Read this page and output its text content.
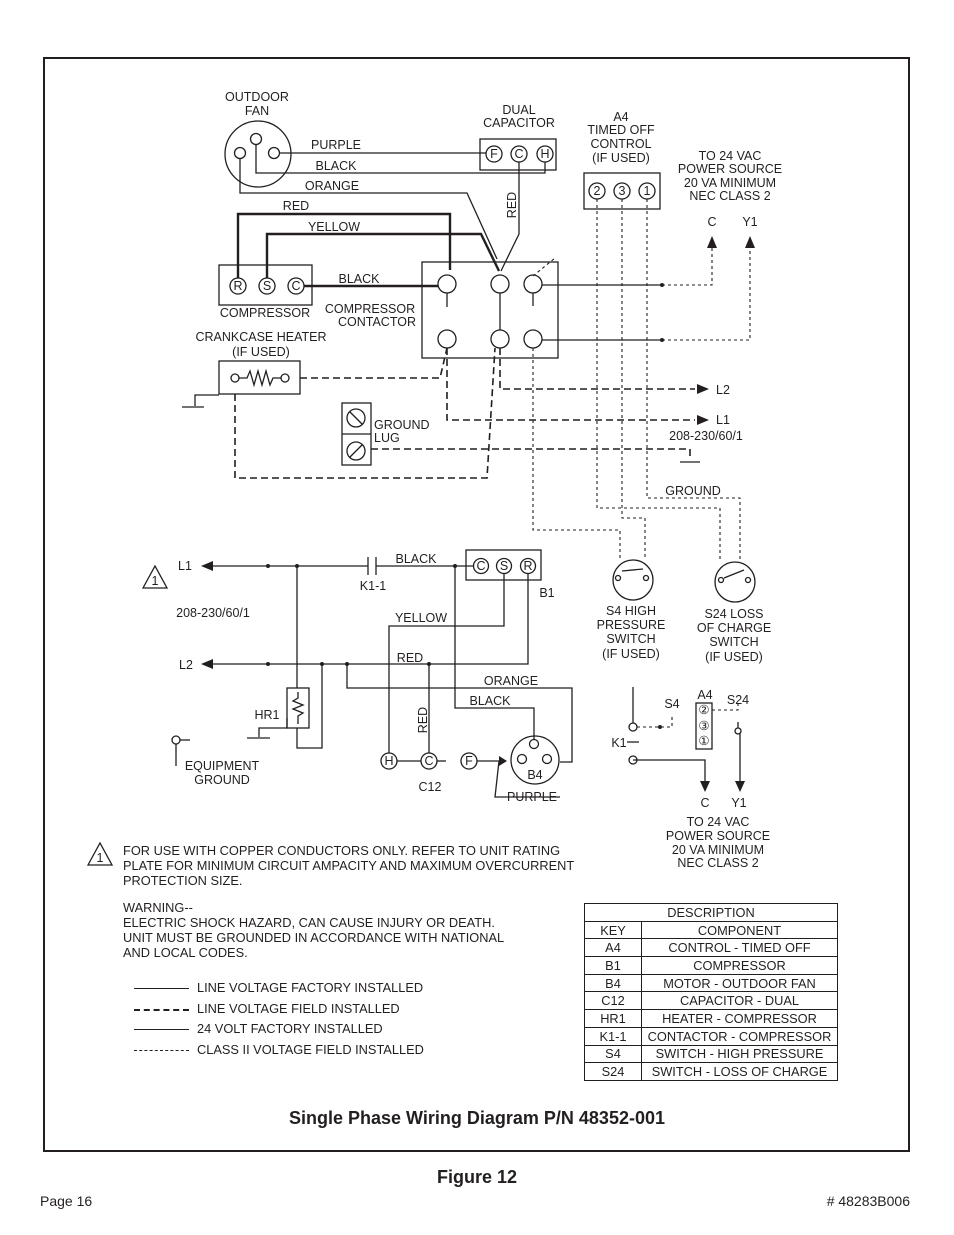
OUTDOOR
FAN
F C H
DUAL
CAPACITOR	A4
TIMED OFF
CONTROL
(IF USED)
2 3 1
TO 24 VAC
POWER SOURCE
20 VA MINIMUM
NEC CLASS 2
C Y1
PURPLE
BLACK
ORANGE
RED
YELLOW
RED
R S C
COMPRESSOR
BLACK
COMPRESSOR
CONTACTOR
CRANKCASE HEATER
(IF USED)
GROUND
LUG
GROUND
L2
L1
208-230/60/1
S4 HIGH
PRESSURE
SWITCH
(IF USED)
S24 LOSS
OF CHARGE
SWITCH
(IF USED)
1
L1
K1-1
BLACK	C S R
B1
208-230/60/1	YELLOW
RED
L2
ORANGE
BLACK
HR1
EQUIPMENT
GROUND
RED
H C	F
C12
B4
PURPLE
A4
S4	S24
K1
②
③
①
C Y1
TO 24 VAC
POWER SOURCE
20 VA MINIMUM
NEC CLASS 2
1 FOR USE WITH COPPER CONDUCTORS ONLY. REFER TO UNIT RATING
PLATE FOR MINIMUM CIRCUIT AMPACITY AND MAXIMUM OVERCURRENT
PROTECTION SIZE.
WARNING--
ELECTRIC SHOCK HAZARD, CAN CAUSE INJURY OR DEATH.
UNIT MUST BE GROUNDED IN ACCORDANCE WITH NATIONAL
AND LOCAL CODES.
LINE VOLTAGE FACTORY INSTALLED
LINE VOLTAGE FIELD INSTALLED
24 VOLT FACTORY INSTALLED
CLASS II VOLTAGE FIELD INSTALLED
DESCRIPTION	
KEY	COMPONENT
A4	CONTROL - TIMED OFF
B1	COMPRESSOR
B4	MOTOR - OUTDOOR FAN
C12	CAPACITOR - DUAL
HR1	HEATER - COMPRESSOR
K1-1	CONTACTOR - COMPRESSOR
S4	SWITCH - HIGH PRESSURE
S24	SWITCH - LOSS OF CHARGE
Single Phase Wiring Diagram P/N 48352-001
Figure 12
Page 16	# 48283B006
